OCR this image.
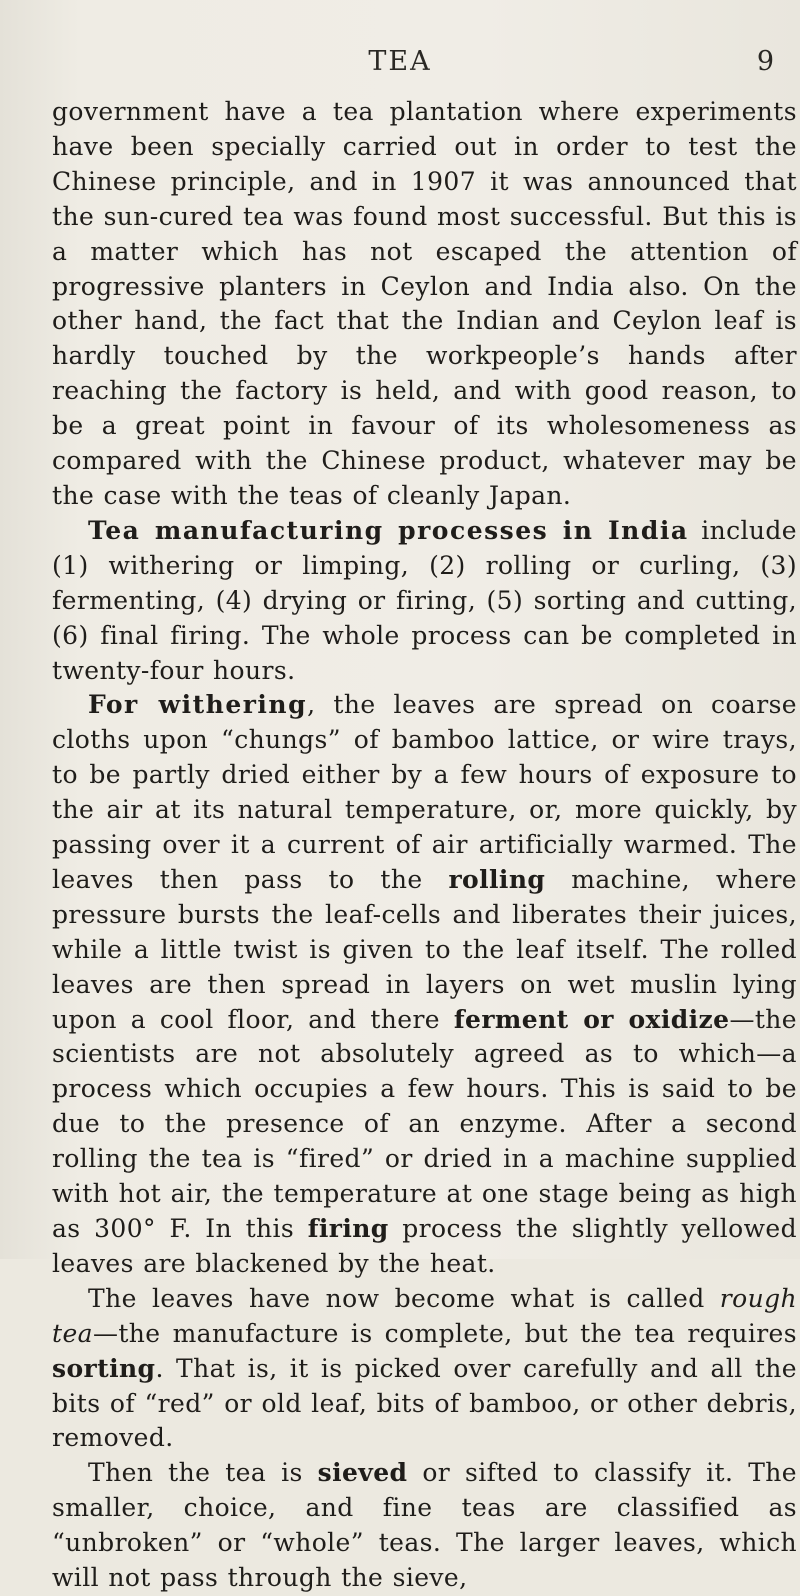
TEA	9

government have a tea plantation where experiments have been specially carried out in order to test the Chinese principle, and in 1907 it was announced that the sun-cured tea was found most successful. But this is a matter which has not escaped the attention of progressive planters in Ceylon and India also. On the other hand, the fact that the Indian and Ceylon leaf is hardly touched by the workpeople’s hands after reaching the factory is held, and with good reason, to be a great point in favour of its wholesomeness as compared with the Chinese product, whatever may be the case with the teas of cleanly Japan.

Tea manufacturing processes in India include (1) withering or limping, (2) rolling or curling, (3) fermenting, (4) drying or firing, (5) sorting and cutting, (6) final firing. The whole process can be completed in twenty-four hours.

For withering, the leaves are spread on coarse cloths upon “chungs” of bamboo lattice, or wire trays, to be partly dried either by a few hours of exposure to the air at its natural temperature, or, more quickly, by passing over it a current of air artificially warmed. The leaves then pass to the rolling machine, where pressure bursts the leaf-cells and liberates their juices, while a little twist is given to the leaf itself. The rolled leaves are then spread in layers on wet muslin lying upon a cool floor, and there ferment or oxidize—the scientists are not absolutely agreed as to which—a process which occupies a few hours. This is said to be due to the presence of an enzyme. After a second rolling the tea is “fired” or dried in a machine supplied with hot air, the temperature at one stage being as high as 300° F. In this firing process the slightly yellowed leaves are blackened by the heat.

The leaves have now become what is called rough tea—the manufacture is complete, but the tea requires sorting. That is, it is picked over carefully and all the bits of “red” or old leaf, bits of bamboo, or other debris, removed.

Then the tea is sieved or sifted to classify it. The smaller, choice, and fine teas are classified as “unbroken” or “whole” teas. The larger leaves, which will not pass through the sieve,
